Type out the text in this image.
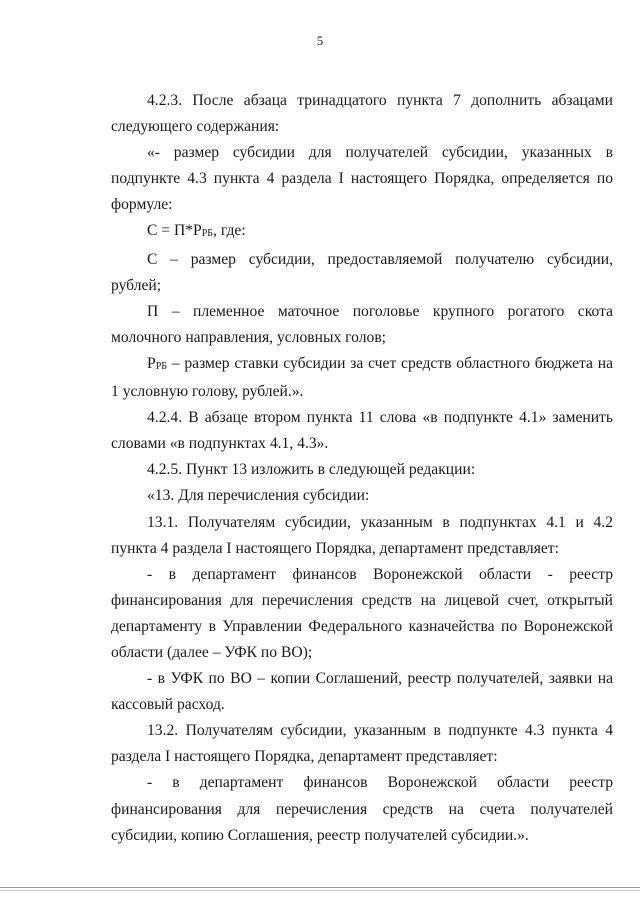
5

4.2.3. После абзаца тринадцатого пункта 7 дополнить абзацами следующего содержания:

«- размер субсидии для получателей субсидии, указанных в подпункте 4.3 пункта 4 раздела I настоящего Порядка, определяется по формуле:

С = П*РРБ, где:

С – размер субсидии, предоставляемой получателю субсидии, рублей;

П – племенное маточное поголовье крупного рогатого скота молочного направления, условных голов;

РРБ – размер ставки субсидии за счет средств областного бюджета на 1 условную голову, рублей.».

4.2.4. В абзаце втором пункта 11 слова «в подпункте 4.1» заменить словами «в подпунктах 4.1, 4.3».

4.2.5. Пункт 13 изложить в следующей редакции:

«13. Для перечисления субсидии:

13.1. Получателям субсидии, указанным в подпунктах 4.1 и 4.2 пункта 4 раздела I настоящего Порядка, департамент представляет:

- в департамент финансов Воронежской области - реестр финансирования для перечисления средств на лицевой счет, открытый департаменту в Управлении Федерального казначейства по Воронежской области (далее – УФК по ВО);

- в УФК по ВО – копии Соглашений, реестр получателей, заявки на кассовый расход.

13.2. Получателям субсидии, указанным в подпункте 4.3 пункта 4 раздела I настоящего Порядка, департамент представляет:

- в департамент финансов Воронежской области реестр финансирования для перечисления средств на счета получателей субсидии, копию Соглашения, реестр получателей субсидии.».
